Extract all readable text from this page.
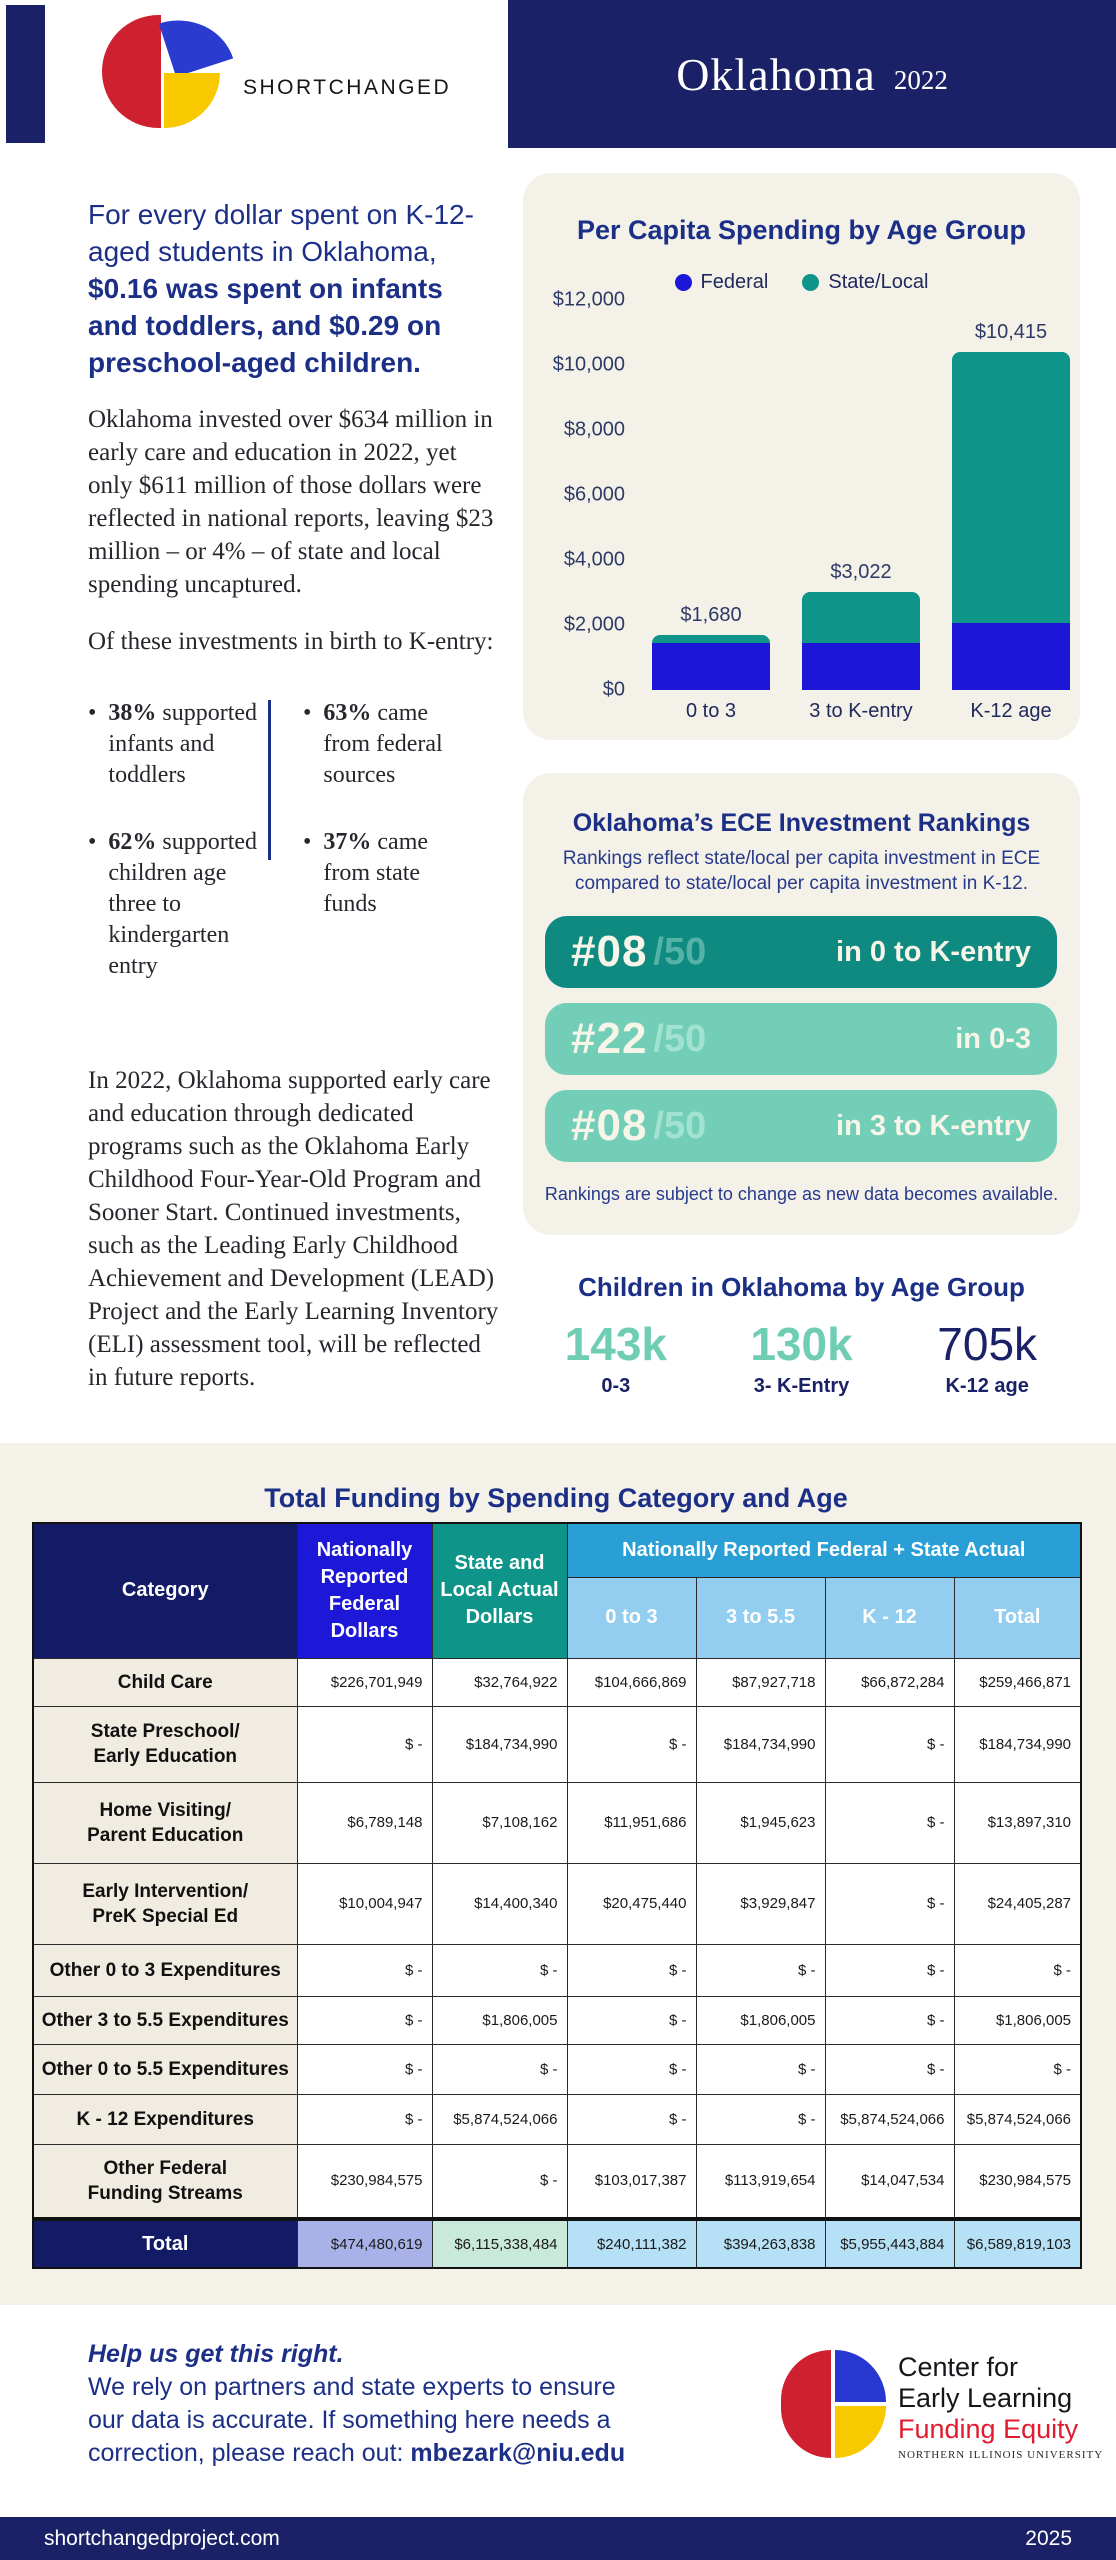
SHORTCHANGED	Oklahoma 2022
For every dollar spent on K-12-aged students in Oklahoma, $0.16 was spent on infants and toddlers, and $0.29 on preschool-aged children.
Oklahoma invested over $634 million in early care and education in 2022, yet only $611 million of those dollars were reflected in national reports, leaving $23 million – or 4% – of state and local spending uncaptured.
Of these investments in birth to K-entry:
• 38% supported infants and toddlers
• 62% supported children age three to kindergarten entry
• 63% came from federal sources
• 37% came from state funds
In 2022, Oklahoma supported early care and education through dedicated programs such as the Oklahoma Early Childhood Four-Year-Old Program and Sooner Start. Continued investments, such as the Leading Early Childhood Achievement and Development (LEAD) Project and the Early Learning Inventory (ELI) assessment tool, will be reflected in future reports.
Per Capita Spending by Age Group
Federal	State/Local
$12,000
$10,000
$8,000
$6,000
$4,000
$2,000
$0
$1,680
0 to 3
$3,022
3 to K-entry
$10,415
K-12 age
Oklahoma’s ECE Investment Rankings
Rankings reflect state/local per capita investment in ECE compared to state/local per capita investment in K-12.
#08 /50	in 0 to K-entry
#22 /50	in 0-3
#08 /50	in 3 to K-entry
Rankings are subject to change as new data becomes available.
Children in Oklahoma by Age Group
143k
0-3
130k
3- K-Entry
705k
K-12 age
Total Funding by Spending Category and Age
Category	Nationally Reported Federal Dollars	State and Local Actual Dollars	Nationally Reported Federal + State Actual			
			0 to 3	3 to 5.5	K - 12	Total

Child Care	$226,701,949	$32,764,922	$104,666,869	$87,927,718	$66,872,284	$259,466,871

State Preschool/
Early Education	$ -	$184,734,990	$ -	$184,734,990	$ -	$184,734,990

Home Visiting/
Parent Education	$6,789,148	$7,108,162	$11,951,686	$1,945,623	$ -	$13,897,310

Early Intervention/
PreK Special Ed	$10,004,947	$14,400,340	$20,475,440	$3,929,847	$ -	$24,405,287

Other 0 to 3 Expenditures	$ -	$ -	$ -	$ -	$ -	$ -

Other 3 to 5.5 Expenditures	$ -	$1,806,005	$ -	$1,806,005	$ -	$1,806,005

Other 0 to 5.5 Expenditures	$ -	$ -	$ -	$ -	$ -	$ -

K - 12 Expenditures	$ -	$5,874,524,066	$ -	$ -	$5,874,524,066	$5,874,524,066

Other Federal
Funding Streams	$230,984,575	$ -	$103,017,387	$113,919,654	$14,047,534	$230,984,575
Total	$474,480,619	$6,115,338,484	$240,111,382	$394,263,838	$5,955,443,884	$6,589,819,103
Help us get this right.
We rely on partners and state experts to ensure
our data is accurate. If something here needs a
correction, please reach out: mbezark@niu.edu
Center for
Early Learning
Funding Equity
NORTHERN ILLINOIS UNIVERSITY
shortchangedproject.com	2025
